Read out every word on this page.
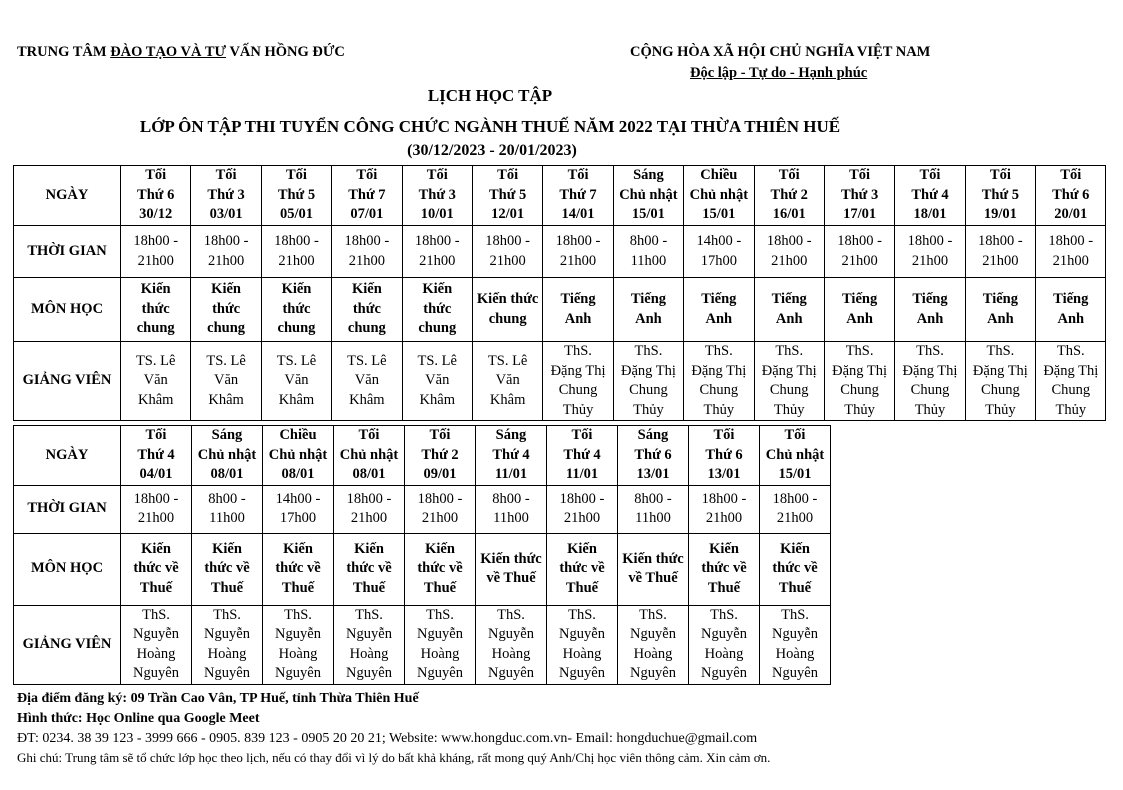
TRUNG TÂM ĐÀO TẠO VÀ TƯ VẤN HỒNG ĐỨC	CỘNG HÒA XÃ HỘI CHỦ NGHĨA VIỆT NAM
Độc lập - Tự do - Hạnh phúc
LỊCH HỌC TẬP
LỚP ÔN TẬP THI TUYỂN CÔNG CHỨC NGÀNH THUẾ NĂM 2022 TẠI THỪA THIÊN HUẾ
(30/12/2023 - 20/01/2023)
NGÀY	Tối
Thứ 6
30/12	Tối
Thứ 3
03/01	Tối
Thứ 5
05/01	Tối
Thứ 7
07/01	Tối
Thứ 3
10/01	Tối
Thứ 5
12/01	Tối
Thứ 7
14/01	Sáng
Chủ nhật
15/01	Chiều
Chủ nhật
15/01	Tối
Thứ 2
16/01	Tối
Thứ 3
17/01	Tối
Thứ 4
18/01	Tối
Thứ 5
19/01	Tối
Thứ 6
20/01
THỜI GIAN	18h00 -
21h00	18h00 -
21h00	18h00 -
21h00	18h00 -
21h00	18h00 -
21h00	18h00 -
21h00	18h00 -
21h00	8h00 -
11h00	14h00 -
17h00	18h00 -
21h00	18h00 -
21h00	18h00 -
21h00	18h00 -
21h00	18h00 -
21h00
MÔN HỌC	Kiến
thức
chung	Kiến
thức
chung	Kiến
thức
chung	Kiến
thức
chung	Kiến
thức
chung	Kiến thức
chung	Tiếng
Anh	Tiếng
Anh	Tiếng
Anh	Tiếng
Anh	Tiếng
Anh	Tiếng
Anh	Tiếng
Anh	Tiếng
Anh
GIẢNG VIÊN	TS. Lê
Văn
Khâm	TS. Lê
Văn
Khâm	TS. Lê
Văn
Khâm	TS. Lê
Văn
Khâm	TS. Lê
Văn
Khâm	TS. Lê
Văn
Khâm	ThS.
Đặng Thị
Chung
Thủy	ThS.
Đặng Thị
Chung
Thủy	ThS.
Đặng Thị
Chung
Thủy	ThS.
Đặng Thị
Chung
Thủy	ThS.
Đặng Thị
Chung
Thủy	ThS.
Đặng Thị
Chung
Thủy	ThS.
Đặng Thị
Chung
Thủy	ThS.
Đặng Thị
Chung
Thủy
NGÀY	Tối
Thứ 4
04/01	Sáng
Chủ nhật
08/01	Chiều
Chủ nhật
08/01	Tối
Chủ nhật
08/01	Tối
Thứ 2
09/01	Sáng
Thứ 4
11/01	Tối
Thứ 4
11/01	Sáng
Thứ 6
13/01	Tối
Thứ 6
13/01	Tối
Chủ nhật
15/01
THỜI GIAN	18h00 -
21h00	8h00 -
11h00	14h00 -
17h00	18h00 -
21h00	18h00 -
21h00	8h00 -
11h00	18h00 -
21h00	8h00 -
11h00	18h00 -
21h00	18h00 -
21h00
MÔN HỌC	Kiến
thức về
Thuế	Kiến
thức về
Thuế	Kiến
thức về
Thuế	Kiến
thức về
Thuế	Kiến
thức về
Thuế	Kiến thức
về Thuế	Kiến
thức về
Thuế	Kiến thức
về Thuế	Kiến
thức về
Thuế	Kiến
thức về
Thuế
GIẢNG VIÊN	ThS.
Nguyễn
Hoàng
Nguyên	ThS.
Nguyễn
Hoàng
Nguyên	ThS.
Nguyễn
Hoàng
Nguyên	ThS.
Nguyễn
Hoàng
Nguyên	ThS.
Nguyễn
Hoàng
Nguyên	ThS.
Nguyễn
Hoàng
Nguyên	ThS.
Nguyễn
Hoàng
Nguyên	ThS.
Nguyễn
Hoàng
Nguyên	ThS.
Nguyễn
Hoàng
Nguyên	ThS.
Nguyễn
Hoàng
Nguyên
Địa điểm đăng ký: 09 Trần Cao Vân, TP Huế, tỉnh Thừa Thiên Huế
Hình thức: Học Online qua Google Meet
ĐT: 0234. 38 39 123 - 3999 666 - 0905. 839 123 - 0905 20 20 21; Website: www.hongduc.com.vn- Email: hongduchue@gmail.com
Ghi chú: Trung tâm sẽ tổ chức lớp học theo lịch, nếu có thay đổi vì lý do bất khả kháng, rất mong quý Anh/Chị học viên thông cảm. Xin cảm ơn.
